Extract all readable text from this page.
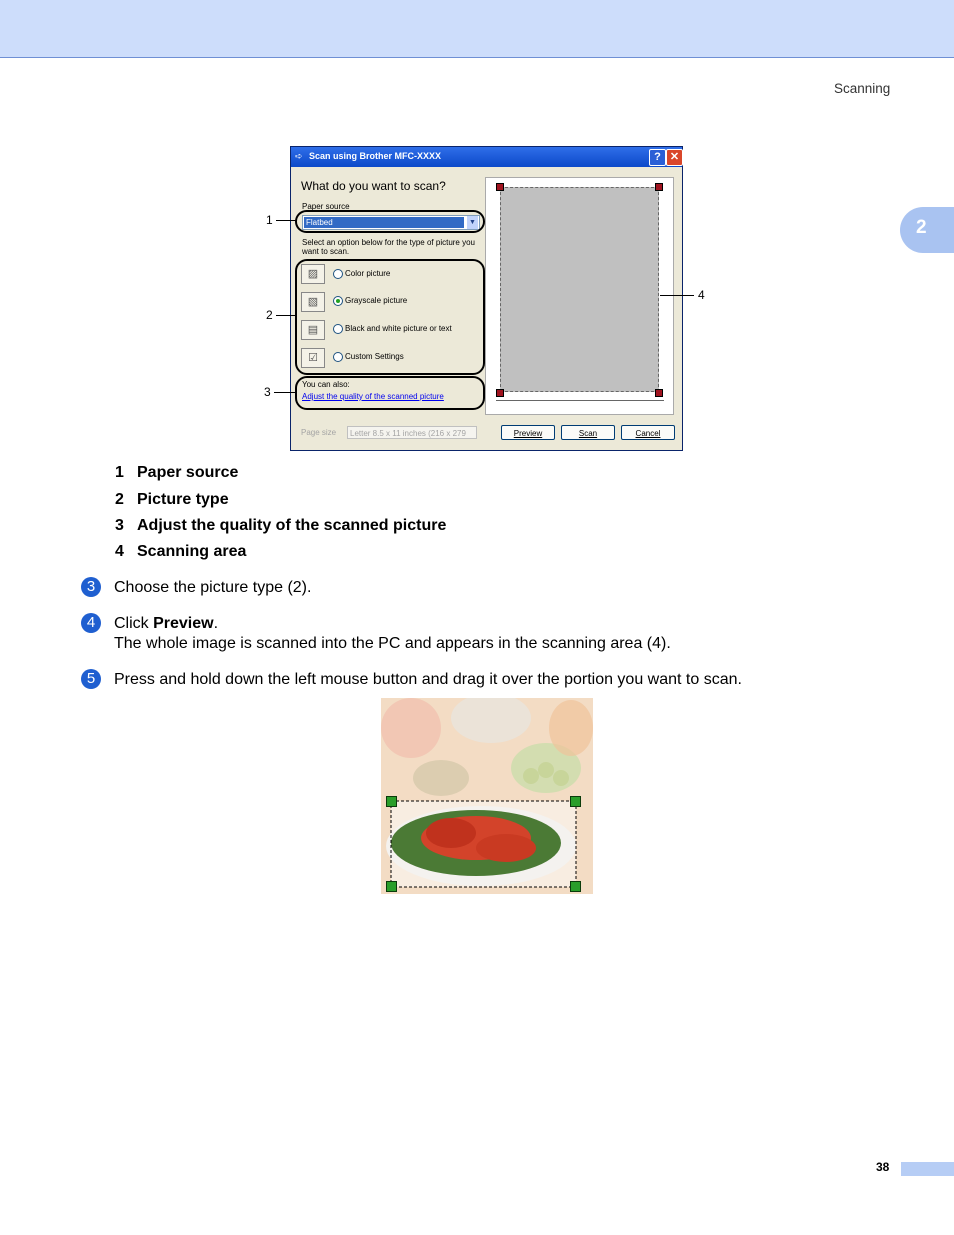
Scanning
2
➪ Scan using Brother MFC-XXXX	? ✕
What do you want to scan?
Paper source
Flatbed	▼
Select an option below for the type of picture you
want to scan.
▨	Color picture
▧	Grayscale picture
▤	Black and white picture or text
☑	Custom Settings
You can also:
Adjust the quality of the scanned picture
Page size	Letter 8.5 x 11 inches (216 x 279	Preview	Scan	Cancel
1
2
3
4
1 Paper source
2 Picture type
3 Adjust the quality of the scanned picture
4 Scanning area
3	Choose the picture type (2).
4	Click Preview.
The whole image is scanned into the PC and appears in the scanning area (4).
5	Press and hold down the left mouse button and drag it over the portion you want to scan.
38
